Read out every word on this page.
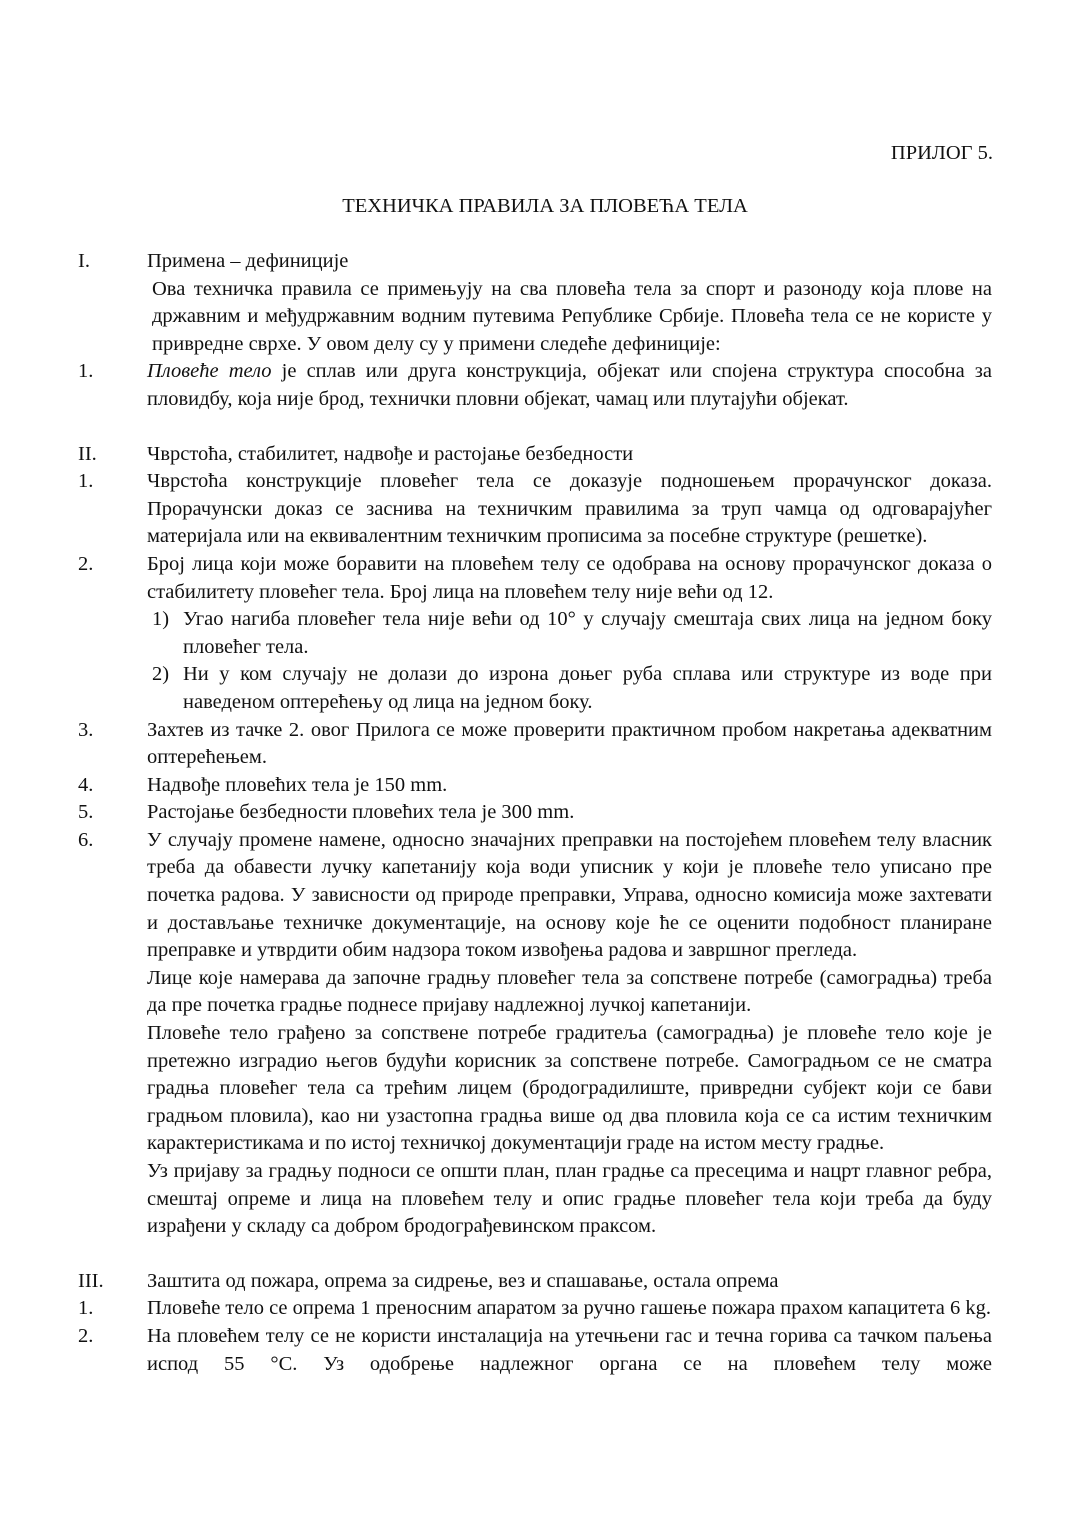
ПРИЛОГ 5.
ТЕХНИЧКА ПРАВИЛА ЗА ПЛОВЕЋА ТЕЛА
I.	Примена – дефиниције

Ова техничка правила се примењују на сва пловећа тела за спорт и разоноду која плове на државним и међудржавним водним путевима Републике Србије. Пловећа тела се не користе у привредне сврхе. У овом делу су у примени следеће дефиниције:

1.	Пловеће тело је сплав или друга конструкција, објекат или спојена структура способна за пловидбу, која није брод, технички пловни објекат, чамац или плутајући објекат.

II. Чврстоћа, стабилитет, надвође и растојање безбедности

1.	Чврстоћа конструкције пловећег тела се доказује подношењем прорачунског доказа. Прорачунски доказ се заснива на техничким правилима за труп чамца од одговарајућег материјала или на еквивалентним техничким прописима за посебне структуре (решетке).

2.	Број лица који може боравити на пловећем телу се одобрава на основу прорачунског доказа о стабилитету пловећег тела. Број лица на пловећем телу није већи од 12.

1) Угао нагиба пловећег тела није већи од 10° у случају смештаја свих лица на једном боку пловећег тела.

2) Ни у ком случају не долази до изрона доњег руба сплава или структуре из воде при наведеном оптерећењу од лица на једном боку.

3.	Захтев из тачке 2. овог Прилога се може проверити практичном пробом накретања адекватним оптерећењем.

4.	Надвође пловећих тела је 150 mm.

5.	Растојање безбедности пловећих тела је 300 mm.

6.	У случају промене намене, односно значајних преправки на постојећем пловећем телу власник треба да обавести лучку капетанију која води уписник у који је пловеће тело уписано пре почетка радова. У зависности од природе преправки, Управа, односно комисија може захтевати и достављање техничке документације, на основу које ће се оценити подобност планиране преправке и утврдити обим надзора током извођења радова и завршног прегледа.

Лице које намерава да започне градњу пловећег тела за сопствене потребе (самоградња) треба да пре почетка градње поднесе пријаву надлежној лучкој капетанији.

Пловеће тело грађено за сопствене потребе градитеља (самоградња) је пловеће тело које је претежно изградио његов будући корисник за сопствене потребе. Самоградњом се не сматра градња пловећег тела са трећим лицем (бродоградилиште, привредни субјект који се бави градњом пловила), као ни узастопна градња више од два пловила која се са истим техничким карактеристикама и по истој техничкој документацији граде на истом месту градње.

Уз пријаву за градњу подноси се општи план, план градње са пресецима и нацрт главног ребра, смештај опреме и лица на пловећем телу и опис градње пловећег тела који треба да буду израђени у складу са добром бродограђевинском праксом.

III. Заштита од пожара, опрема за сидрење, вез и спашавање, остала опрема

1.	Пловеће тело се опрема 1 преносним апаратом за ручно гашење пожара прахом капацитета 6 kg.

2.	На пловећем телу се не користи инсталација на утечњени гас и течна горива са тачком паљења испод 55 °C. Уз одобрење надлежног органа се на пловећем телу може
